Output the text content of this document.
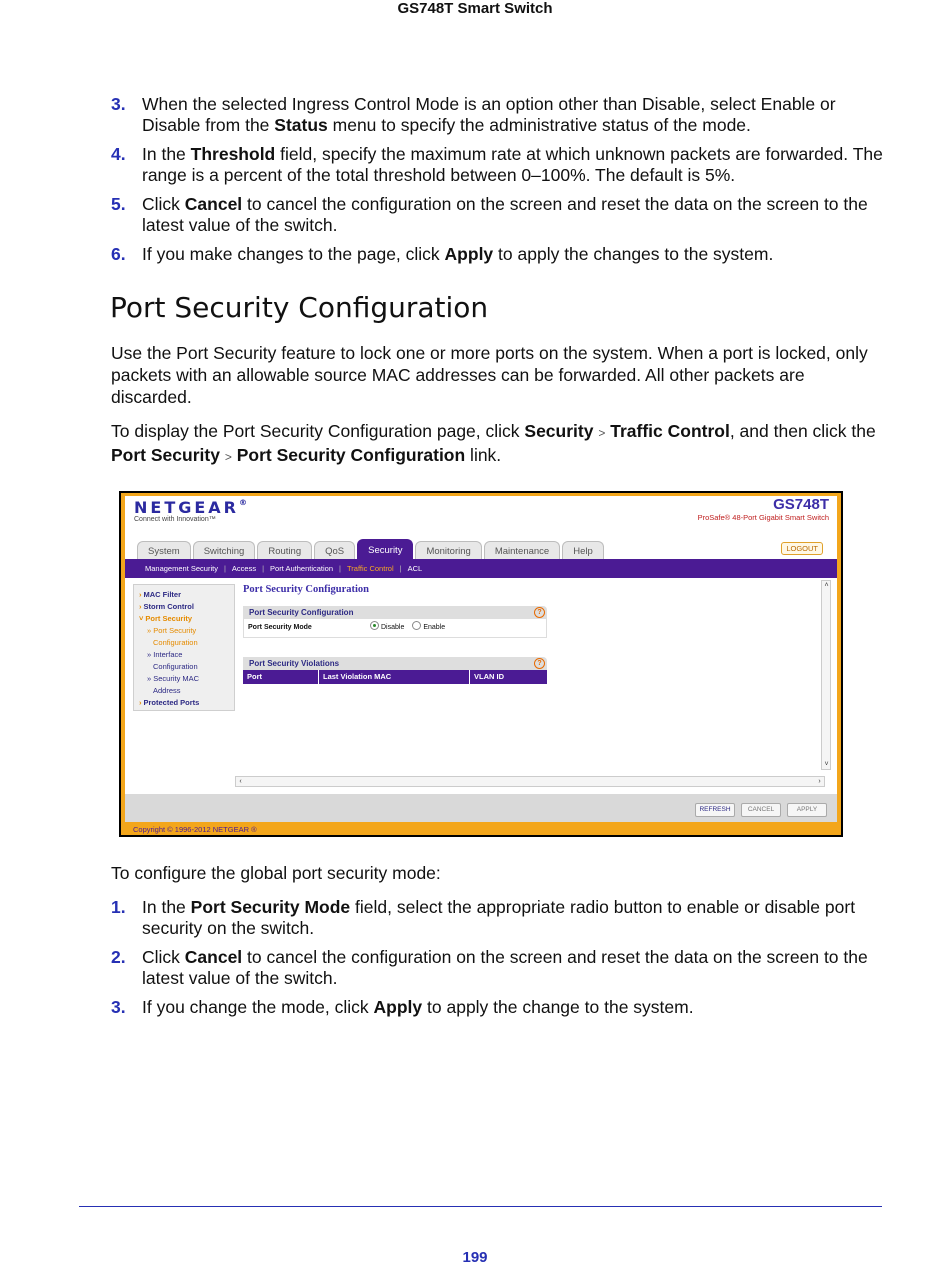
GS748T Smart Switch
3. When the selected Ingress Control Mode is an option other than Disable, select Enable or Disable from the Status menu to specify the administrative status of the mode.
4. In the Threshold field, specify the maximum rate at which unknown packets are forwarded. The range is a percent of the total threshold between 0–100%. The default is 5%.
5. Click Cancel to cancel the configuration on the screen and reset the data on the screen to the latest value of the switch.
6. If you make changes to the page, click Apply to apply the changes to the system.
Port Security Configuration

Use the Port Security feature to lock one or more ports on the system. When a port is locked, only packets with an allowable source MAC addresses can be forwarded. All other packets are discarded.

To display the Port Security Configuration page, click Security > Traffic Control, and then click the Port Security > Port Security Configuration link.

NETGEAR®
Connect with Innovation™
GS748T
ProSafe® 48-Port Gigabit Smart Switch
System	Switching	Routing	QoS	Security	Monitoring	Maintenance	Help	LOGOUT
Management Security | Access | Port Authentication | Traffic Control | ACL
› MAC Filter
› Storm Control
˅ Port Security
» Port Security
Configuration
» Interface
Configuration
» Security MAC
Address
› Protected Ports
Port Security Configuration
Port Security Configuration	?
Port Security Mode	Disable	Enable
Port Security Violations	?
Port	Last Violation MAC	VLAN ID
˄
˅
‹	›
REFRESH	CANCEL	APPLY
Copyright © 1996-2012 NETGEAR ®

To configure the global port security mode:

1. In the Port Security Mode field, select the appropriate radio button to enable or disable port security on the switch.
2. Click Cancel to cancel the configuration on the screen and reset the data on the screen to the latest value of the switch.
3. If you change the mode, click Apply to apply the change to the system.
199
